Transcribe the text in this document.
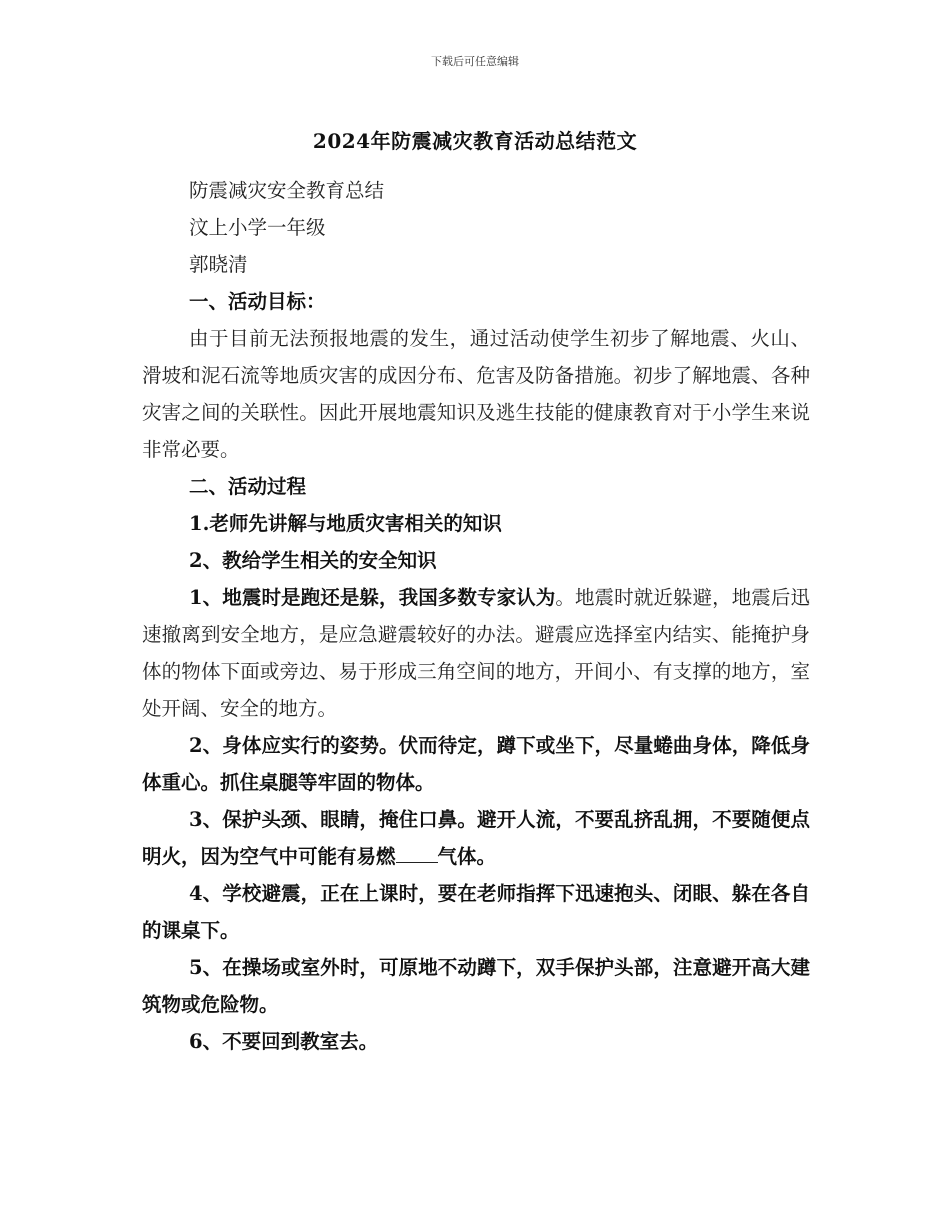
下载后可任意编辑
2024年防震减灾教育活动总结范文

防震减灾安全教育总结

汶上小学一年级

郭晓清

一、活动目标：

由于目前无法预报地震的发生，通过活动使学生初步了解地震、火山、滑坡和泥石流等地质灾害的成因分布、危害及防备措施。初步了解地震、各种灾害之间的关联性。因此开展地震知识及逃生技能的健康教育对于小学生来说非常必要。

二、活动过程

1.老师先讲解与地质灾害相关的知识

2、教给学生相关的安全知识

1、地震时是跑还是躲，我国多数专家认为。地震时就近躲避，地震后迅速撤离到安全地方，是应急避震较好的办法。避震应选择室内结实、能掩护身体的物体下面或旁边、易于形成三角空间的地方，开间小、有支撑的地方，室处开阔、安全的地方。

2、身体应实行的姿势。伏而待定，蹲下或坐下，尽量蜷曲身体，降低身体重心。抓住桌腿等牢固的物体。

3、保护头颈、眼睛，掩住口鼻。避开人流，不要乱挤乱拥，不要随便点明火，因为空气中可能有易燃 气体。

4、学校避震，正在上课时，要在老师指挥下迅速抱头、闭眼、躲在各自的课桌下。

5、在操场或室外时，可原地不动蹲下，双手保护头部，注意避开高大建筑物或危险物。

6、不要回到教室去。
